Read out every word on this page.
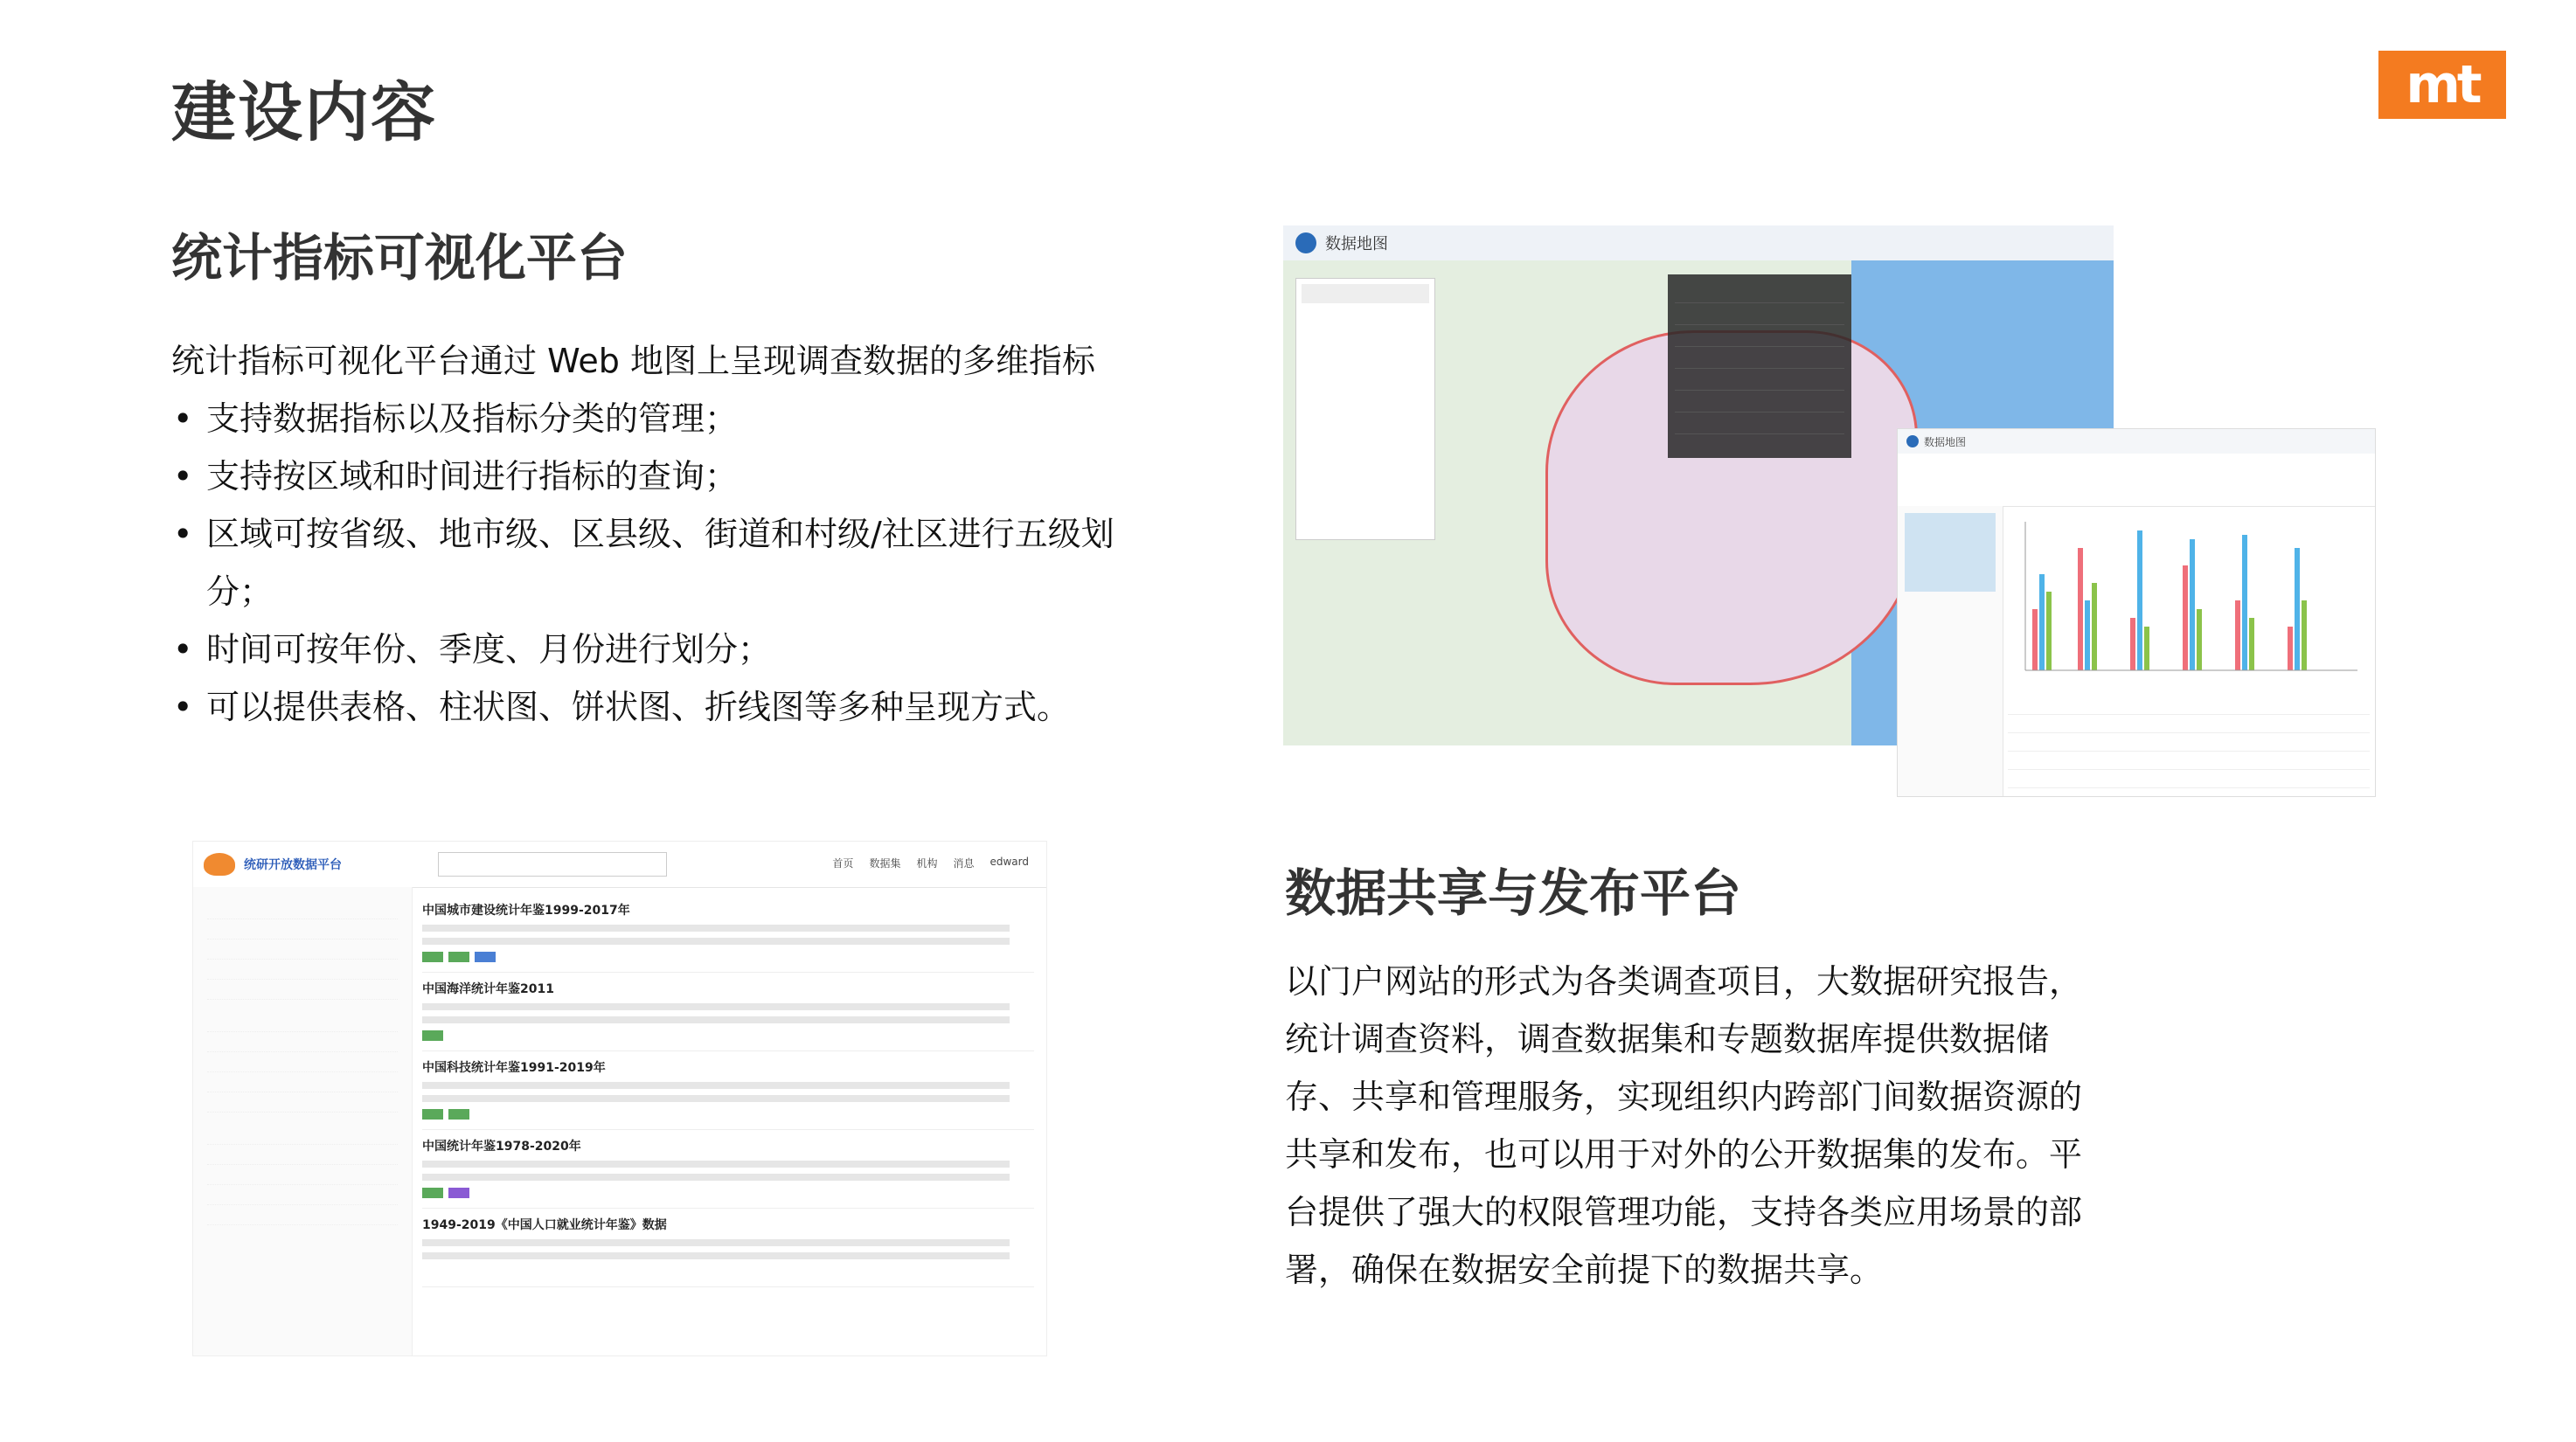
建设内容	mt
统计指标可视化平台
统计指标可视化平台通过 Web 地图上呈现调查数据的多维指标
• 支持数据指标以及指标分类的管理；
• 支持按区域和时间进行指标的查询；
• 区域可按省级、地市级、区县级、街道和村级/社区进行五级划分；
• 时间可按年份、季度、月份进行划分；
• 可以提供表格、柱状图、饼状图、折线图等多种呈现方式。
数据地图
数据地图
统研开放数据平台	首页 数据集 机构 消息 edward
中国城市建设统计年鉴1999-2017年
中国海洋统计年鉴2011
中国科技统计年鉴1991-2019年
中国统计年鉴1978-2020年
1949-2019《中国人口就业统计年鉴》数据
数据共享与发布平台
以门户网站的形式为各类调查项目，大数据研究报告，统计调查资料，调查数据集和专题数据库提供数据储存、共享和管理服务，实现组织内跨部门间数据资源的共享和发布，也可以用于对外的公开数据集的发布。平台提供了强大的权限管理功能，支持各类应用场景的部署，确保在数据安全前提下的数据共享。
